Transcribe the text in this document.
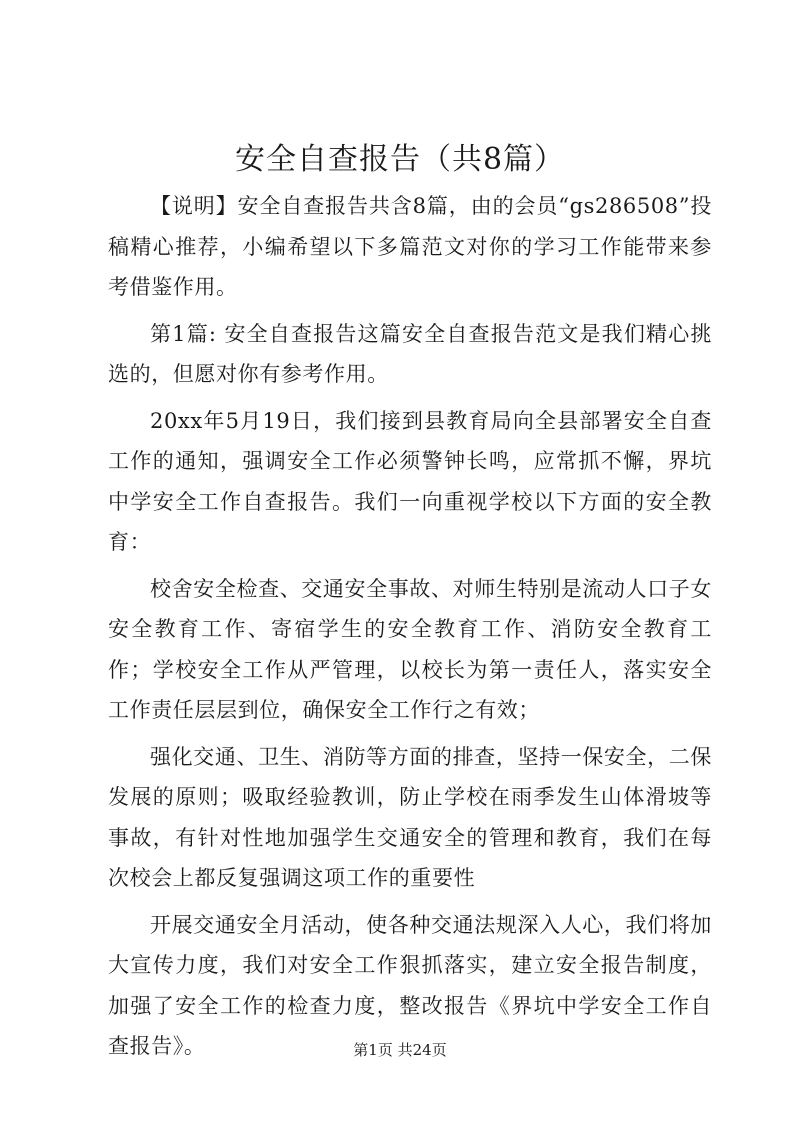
安全自查报告（共8篇）

【说明】安全自查报告共含8篇，由的会员“gs286508”投稿精心推荐，小编希望以下多篇范文对你的学习工作能带来参考借鉴作用。

第1篇: 安全自查报告这篇安全自查报告范文是我们精心挑选的，但愿对你有参考作用。

20xx年5月19日，我们接到县教育局向全县部署安全自查工作的通知，强调安全工作必须警钟长鸣，应常抓不懈，界坑中学安全工作自查报告。我们一向重视学校以下方面的安全教育：

校舍安全检查、交通安全事故、对师生特别是流动人口子女安全教育工作、寄宿学生的安全教育工作、消防安全教育工作；学校安全工作从严管理，以校长为第一责任人，落实安全工作责任层层到位，确保安全工作行之有效；

强化交通、卫生、消防等方面的排查，坚持一保安全，二保发展的原则；吸取经验教训，防止学校在雨季发生山体滑坡等事故，有针对性地加强学生交通安全的管理和教育，我们在每次校会上都反复强调这项工作的重要性

开展交通安全月活动，使各种交通法规深入人心，我们将加大宣传力度，我们对安全工作狠抓落实，建立安全报告制度，加强了安全工作的检查力度，整改报告《界坑中学安全工作自查报告》。	第1页 共24页
